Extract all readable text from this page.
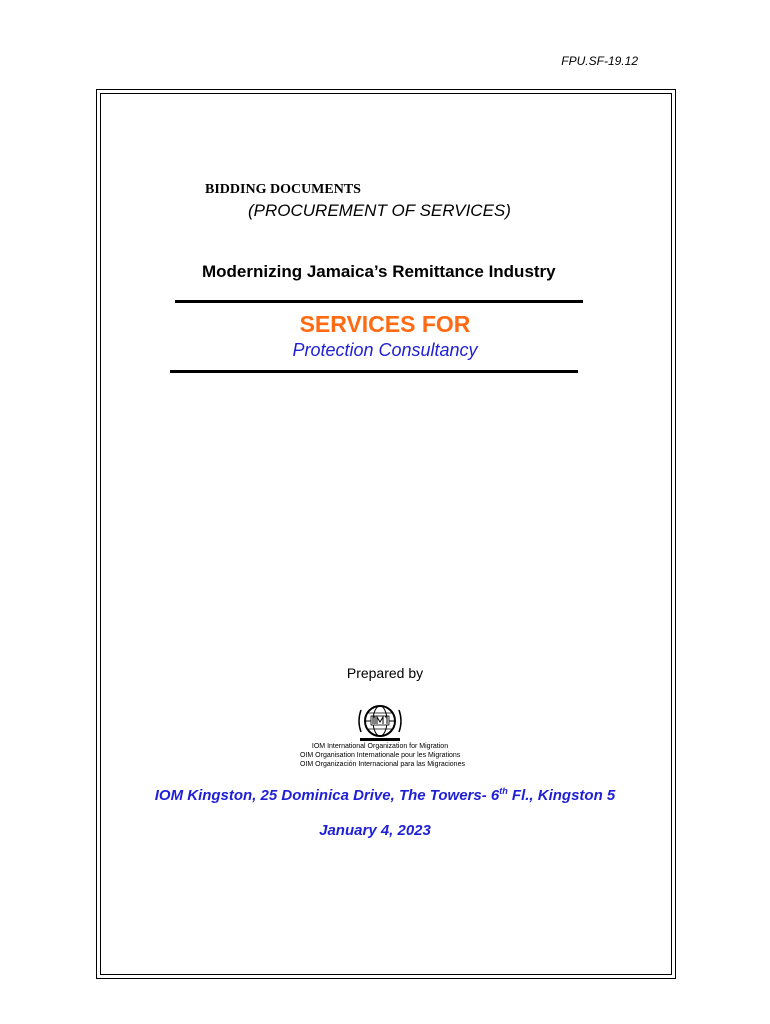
FPU.SF-19.12
BIDDING DOCUMENTS
(PROCUREMENT OF SERVICES)
Modernizing Jamaica’s Remittance Industry
SERVICES FOR
Protection Consultancy
Prepared by
IOM International Organization for Migration
OIM Organisation Internationale pour les Migrations
OIM Organización Internacional para las Migraciones
IOM Kingston, 25 Dominica Drive, The Towers- 6th Fl., Kingston 5
January 4, 2023
